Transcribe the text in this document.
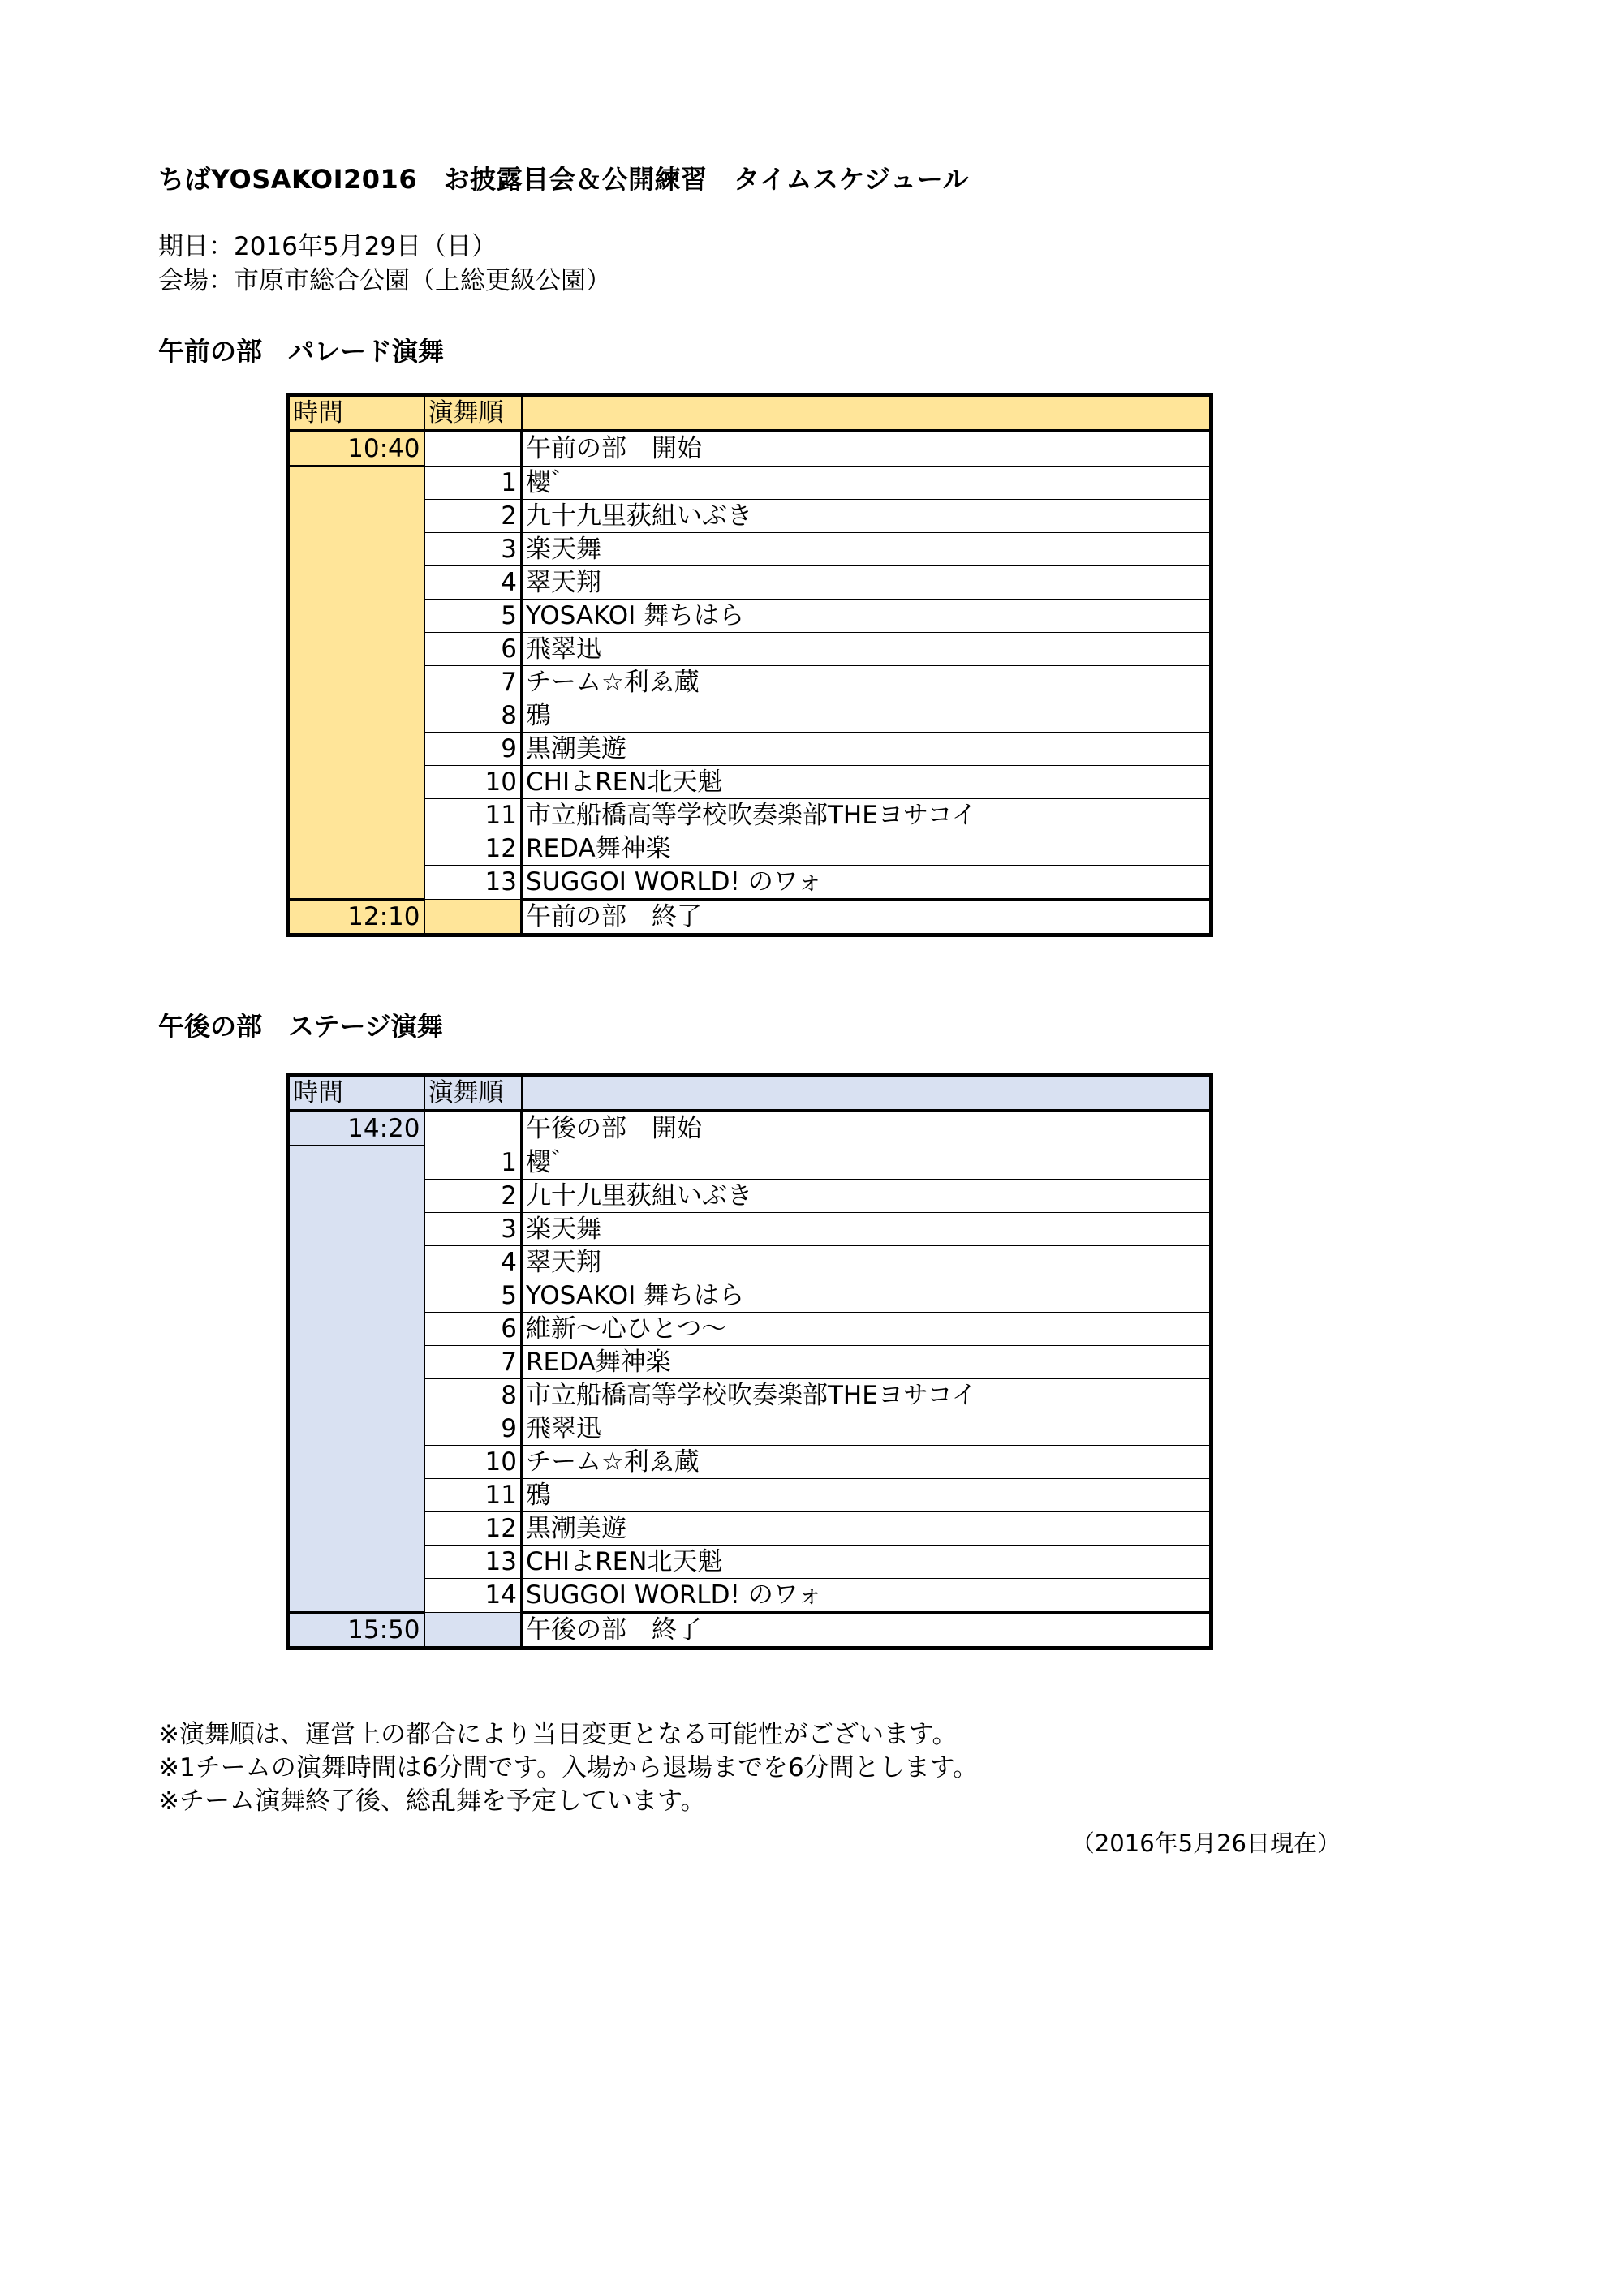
ちばYOSAKOI2016　お披露目会＆公開練習　タイムスケジュール
期日：2016年5月29日（日）
会場：市原市総合公園（上総更級公園）
午前の部　パレード演舞
時間	演舞順	
10:40		午前の部　開始
	1	櫻゛
	2	九十九里荻組いぶき
	3	楽天舞
	4	翠天翔
	5	YOSAKOI 舞ちはら
	6	飛翠迅
	7	チーム☆利ゑ蔵
	8	鴉
	9	黒潮美遊
	10	CHIよREN北天魁
	11	市立船橋高等学校吹奏楽部THEヨサコイ
	12	REDA舞神楽
	13	SUGGOI WORLD! のワォ
12:10		午前の部　終了
午後の部　ステージ演舞
時間	演舞順	
14:20		午後の部　開始
	1	櫻゛
	2	九十九里荻組いぶき
	3	楽天舞
	4	翠天翔
	5	YOSAKOI 舞ちはら
	6	維新～心ひとつ～
	7	REDA舞神楽
	8	市立船橋高等学校吹奏楽部THEヨサコイ
	9	飛翠迅
	10	チーム☆利ゑ蔵
	11	鴉
	12	黒潮美遊
	13	CHIよREN北天魁
	14	SUGGOI WORLD! のワォ
15:50		午後の部　終了
※演舞順は、運営上の都合により当日変更となる可能性がございます。
※1チームの演舞時間は6分間です。入場から退場までを6分間とします。
※チーム演舞終了後、総乱舞を予定しています。
（2016年5月26日現在）
